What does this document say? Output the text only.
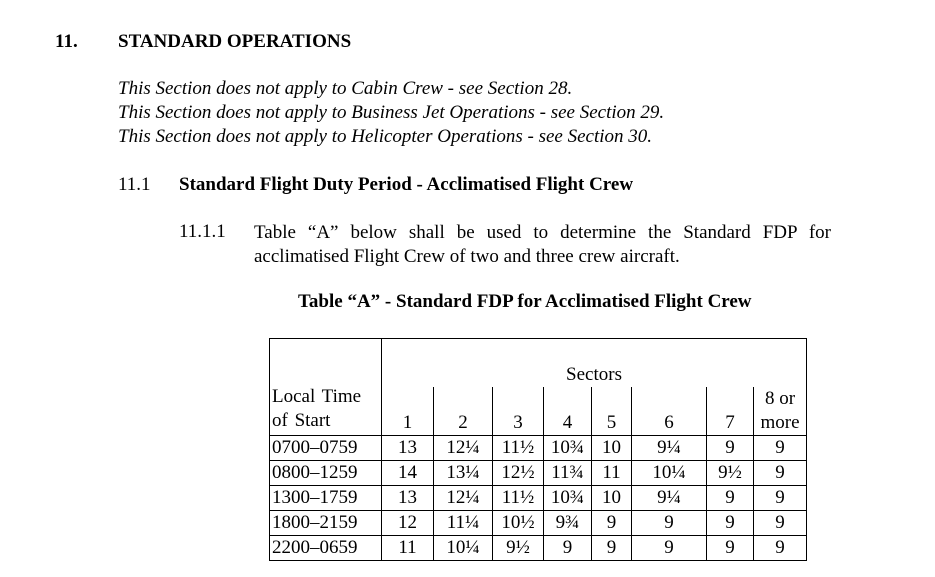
11. STANDARD OPERATIONS
This Section does not apply to Cabin Crew - see Section 28.
This Section does not apply to Business Jet Operations - see Section 29.
This Section does not apply to Helicopter Operations - see Section 30.
11.1 Standard Flight Duty Period - Acclimatised Flight Crew
11.1.1 Table “A” below shall be used to determine the Standard FDP for acclimatised Flight Crew of two and three crew aircraft.
Table “A” - Standard FDP for Acclimatised Flight Crew
Local Time of Start	Sectors							

	1	2	3	4	5	6	7	8 or more
0700–0759	13	12¼	11½	10¾	10	9¼	9	9
0800–1259	14	13¼	12½	11¾	11	10¼	9½	9
1300–1759	13	12¼	11½	10¾	10	9¼	9	9
1800–2159	12	11¼	10½	9¾	9	9	9	9
2200–0659	11	10¼	9½	9	9	9	9	9
